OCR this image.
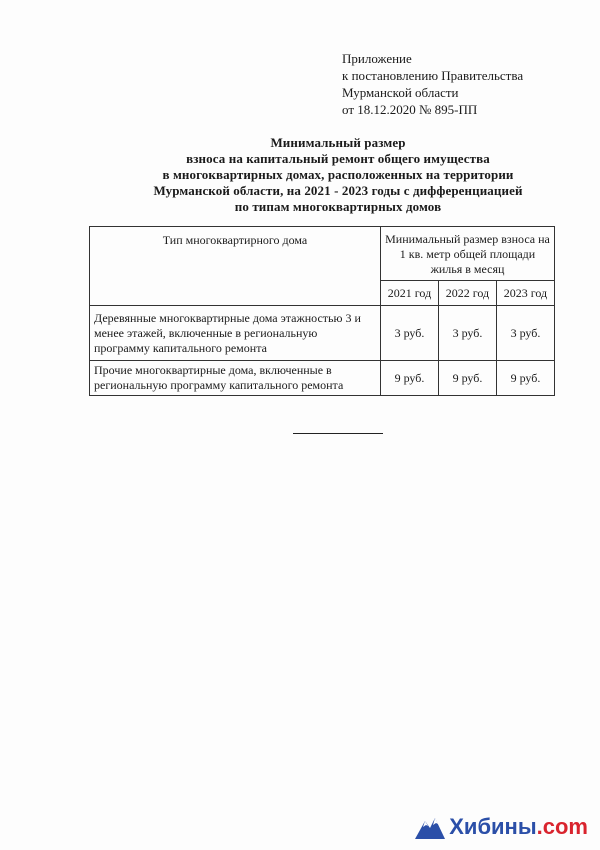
Приложение
к постановлению Правительства
Мурманской области
от 18.12.2020 № 895-ПП
Минимальный размер
взноса на капитальный ремонт общего имущества
в многоквартирных домах, расположенных на территории
Мурманской области, на 2021 - 2023 годы с дифференциацией
по типам многоквартирных домов
Тип многоквартирного дома	Минимальный размер взноса на 1 кв. метр общей площади жилья в месяц		
	2021 год	2022 год	2023 год
Деревянные многоквартирные дома этажностью 3 и менее этажей, включенные в региональную программу капитального ремонта	3 руб.	3 руб.	3 руб.
Прочие многоквартирные дома, включенные в региональную программу капитального ремонта	9 руб.	9 руб.	9 руб.
Хибины .com
